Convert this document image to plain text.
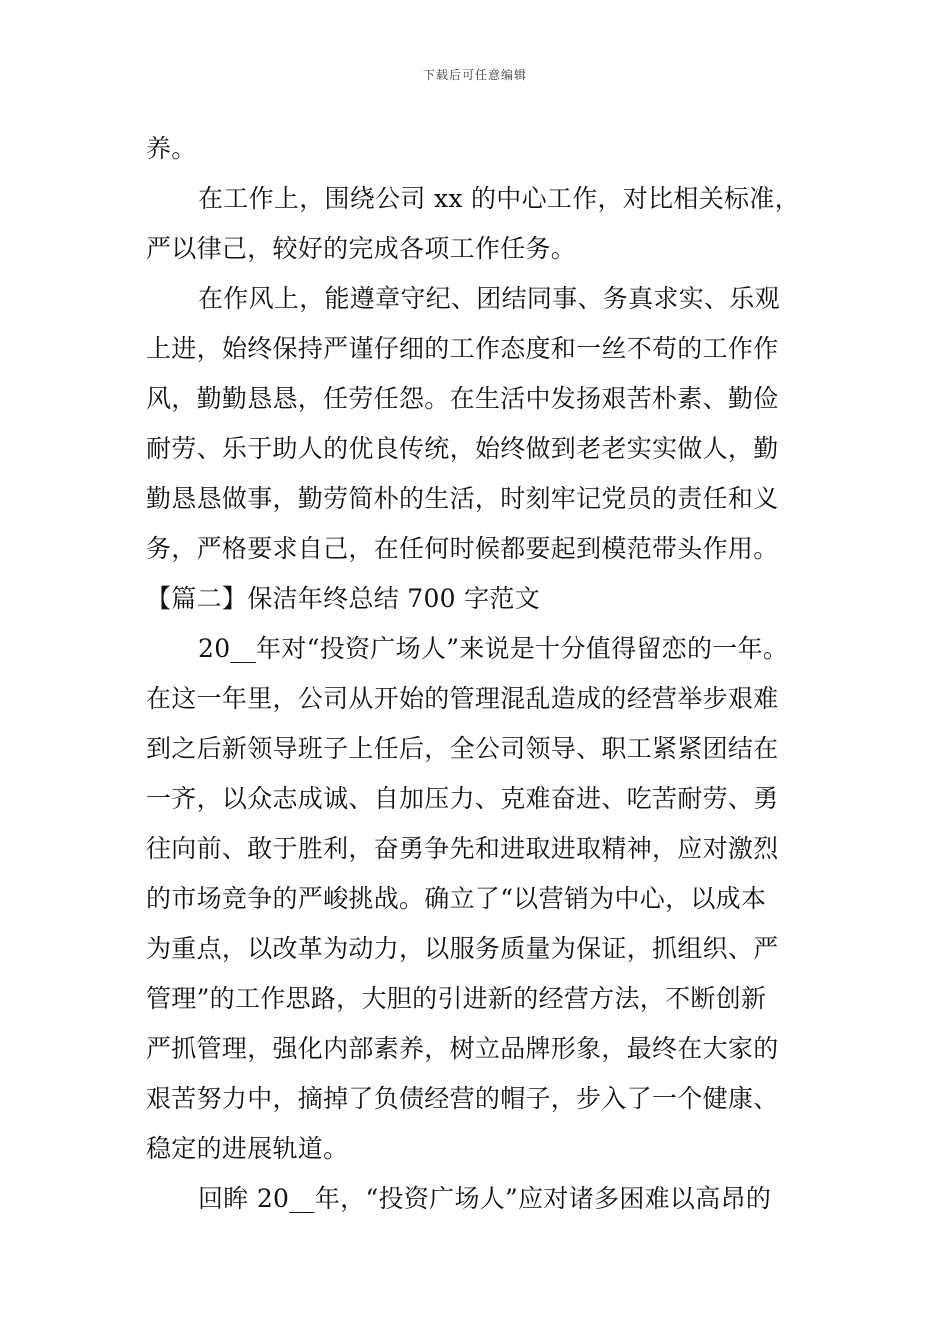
下载后可任意编辑
养。
在工作上，围绕公司 xx 的中心工作，对比相关标准，
严以律己，较好的完成各项工作任务。
在作风上，能遵章守纪、团结同事、务真求实、乐观
上进，始终保持严谨仔细的工作态度和一丝不苟的工作作
风，勤勤恳恳，任劳任怨。在生活中发扬艰苦朴素、勤俭
耐劳、乐于助人的优良传统，始终做到老老实实做人，勤
勤恳恳做事，勤劳简朴的生活，时刻牢记党员的责任和义
务，严格要求自己，在任何时候都要起到模范带头作用。
【篇二】保洁年终总结 700 字范文
20__年对“投资广场人”来说是十分值得留恋的一年。
在这一年里，公司从开始的管理混乱造成的经营举步艰难
到之后新领导班子上任后，全公司领导、职工紧紧团结在
一齐，以众志成诚、自加压力、克难奋进、吃苦耐劳、勇
往向前、敢于胜利，奋勇争先和进取进取精神，应对激烈
的市场竞争的严峻挑战。确立了“以营销为中心，以成本
为重点，以改革为动力，以服务质量为保证，抓组织、严
管理”的工作思路，大胆的引进新的经营方法，不断创新
严抓管理，强化内部素养，树立品牌形象，最终在大家的
艰苦努力中，摘掉了负债经营的帽子，步入了一个健康、
稳定的进展轨道。
回眸 20__年，“投资广场人”应对诸多困难以高昂的
